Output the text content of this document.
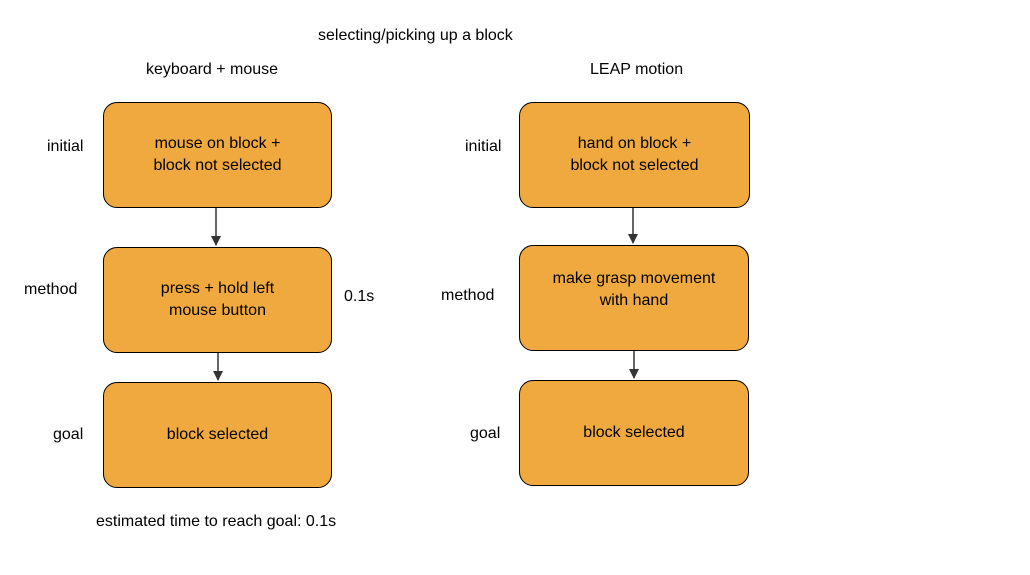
selecting/picking up a block
keyboard + mouse	LEAP motion
initial
method
goal
initial
method
goal
mouse on block +
block not selected
press + hold left
mouse button
block selected
hand on block +
block not selected
make grasp movement
with hand
block selected
0.1s
estimated time to reach goal: 0.1s
